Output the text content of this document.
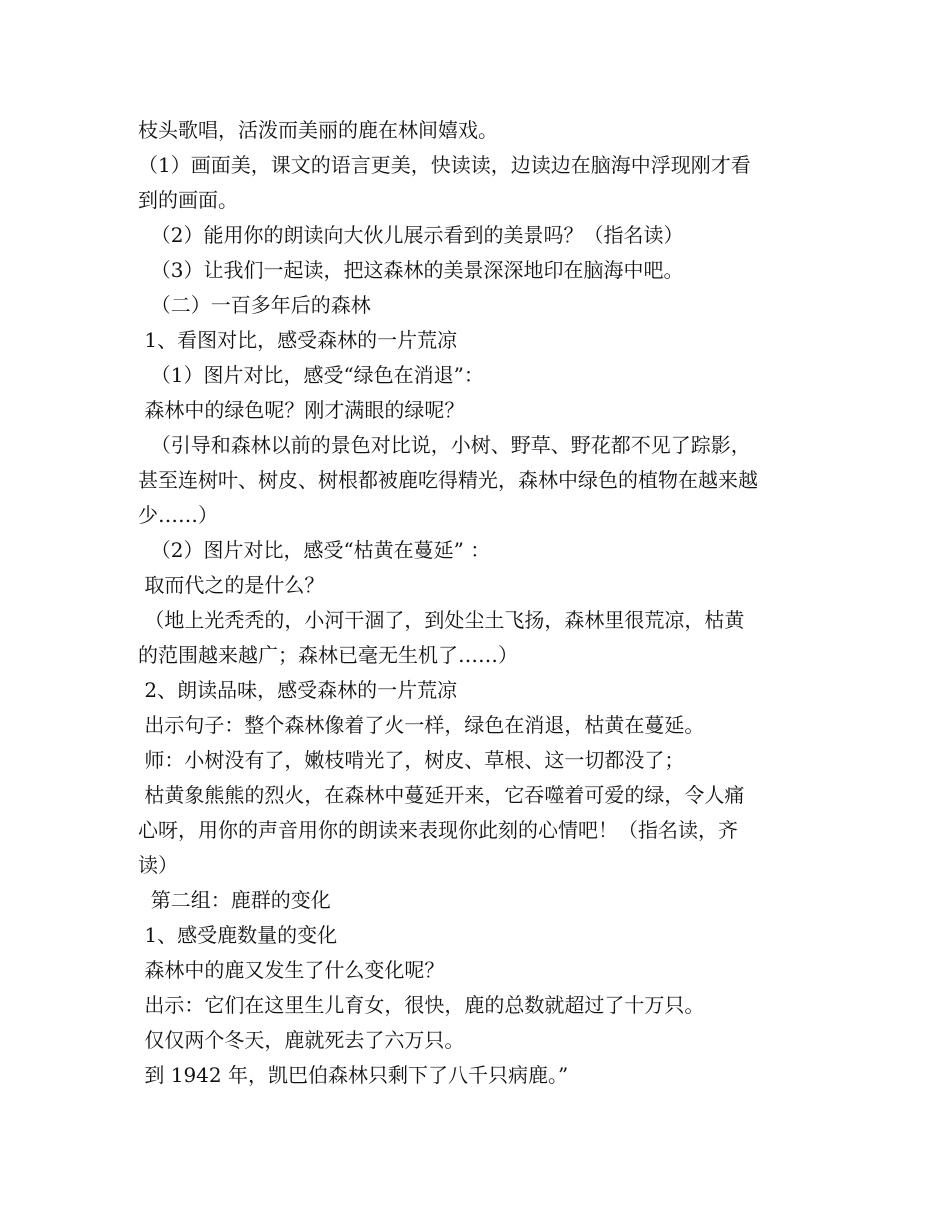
枝头歌唱，活泼而美丽的鹿在林间嬉戏。
（1）画面美，课文的语言更美，快读读，边读边在脑海中浮现刚才看
到的画面。
（2）能用你的朗读向大伙儿展示看到的美景吗？（指名读）
（3）让我们一起读，把这森林的美景深深地印在脑海中吧。
（二）一百多年后的森林
1、看图对比，感受森林的一片荒凉
（1）图片对比，感受“绿色在消退”：
森林中的绿色呢？刚才满眼的绿呢？
（引导和森林以前的景色对比说，小树、野草、野花都不见了踪影，
甚至连树叶、树皮、树根都被鹿吃得精光，森林中绿色的植物在越来越
少……）
（2）图片对比，感受“枯黄在蔓延” ：
取而代之的是什么？
（地上光秃秃的，小河干涸了，到处尘土飞扬，森林里很荒凉，枯黄
的范围越来越广；森林已毫无生机了……）
2、朗读品味，感受森林的一片荒凉
出示句子：整个森林像着了火一样，绿色在消退，枯黄在蔓延。
师：小树没有了，嫩枝啃光了，树皮、草根、这一切都没了；
枯黄象熊熊的烈火，在森林中蔓延开来，它吞噬着可爱的绿，令人痛
心呀，用你的声音用你的朗读来表现你此刻的心情吧！（指名读，齐
读）
第二组：鹿群的变化
1、感受鹿数量的变化
森林中的鹿又发生了什么变化呢？
出示：它们在这里生儿育女，很快，鹿的总数就超过了十万只。
仅仅两个冬天，鹿就死去了六万只。
到 1942 年，凯巴伯森林只剩下了八千只病鹿。”
